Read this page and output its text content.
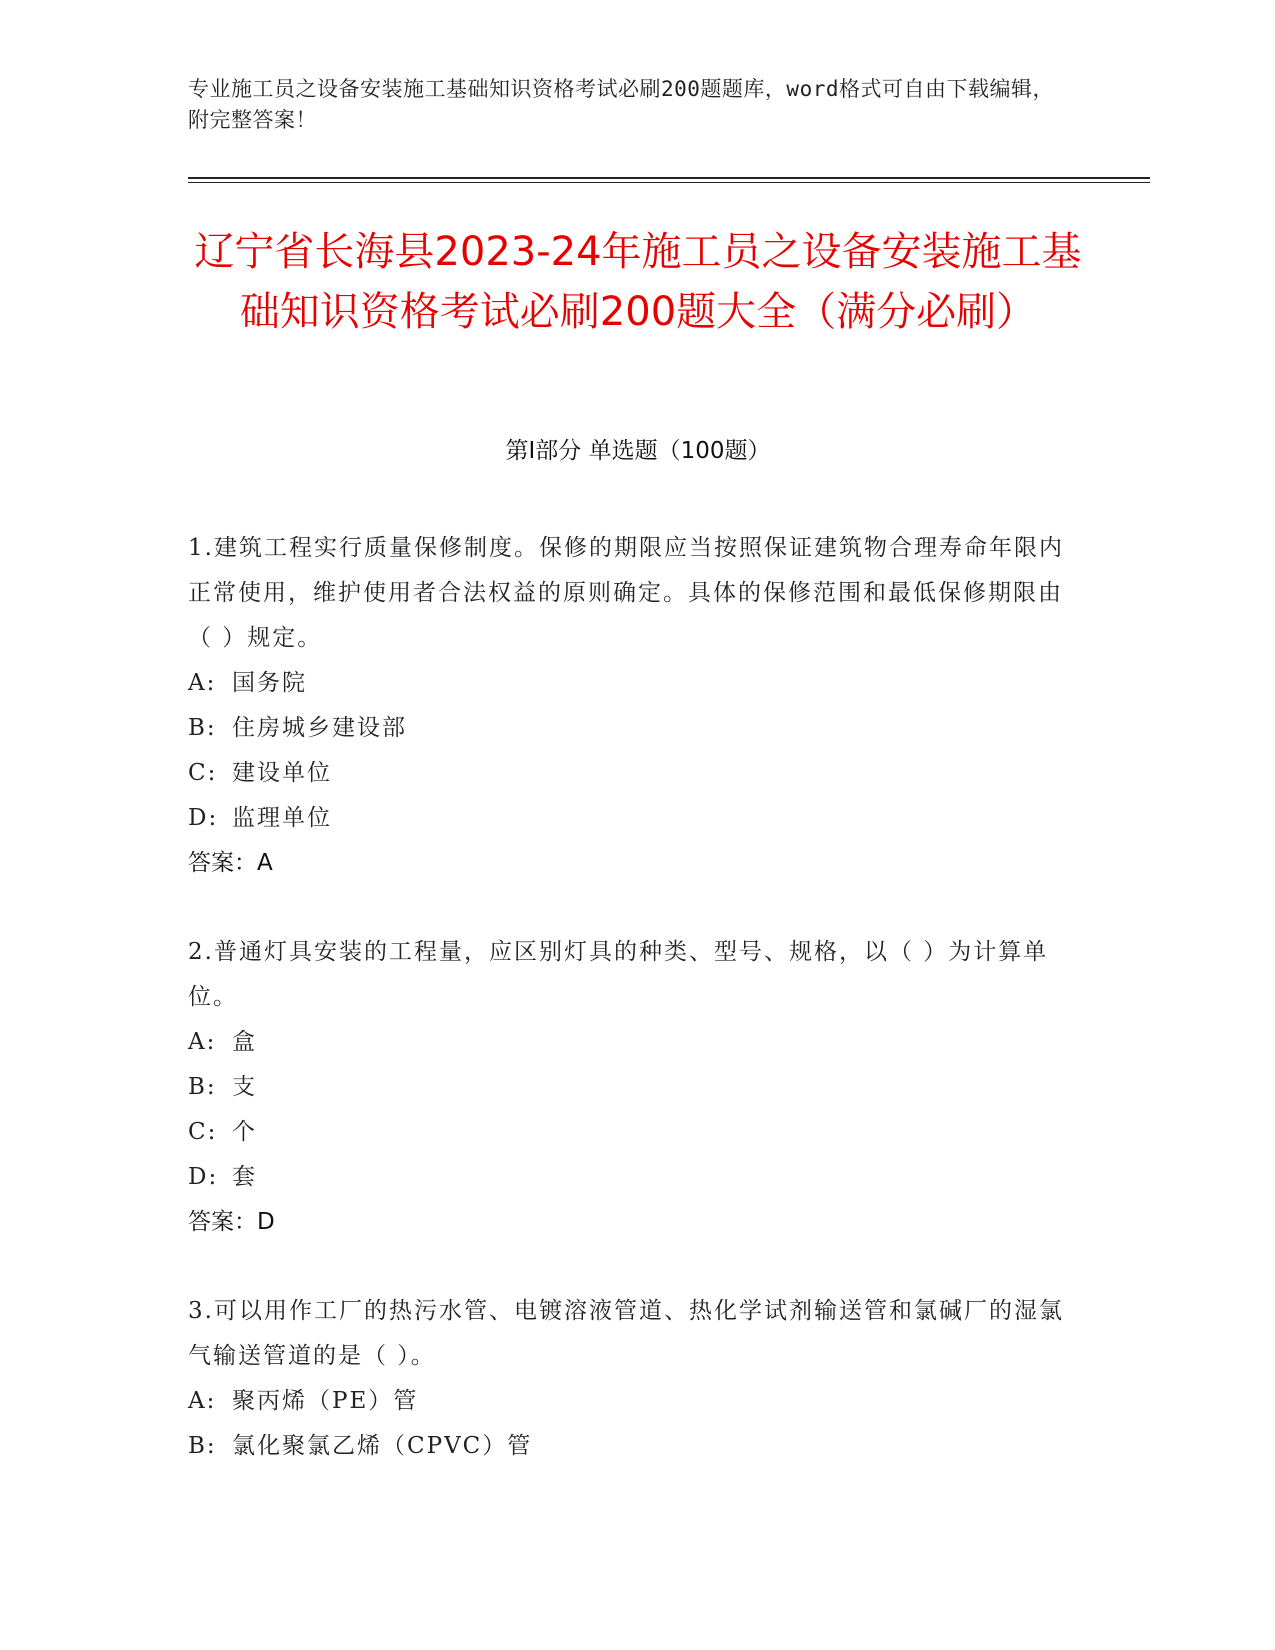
专业施工员之设备安装施工基础知识资格考试必刷200题题库，word格式可自由下载编辑，附完整答案！
辽宁省长海县2023-24年施工员之设备安装施工基础知识资格考试必刷200题大全（满分必刷）
第Ⅰ部分 单选题（100题）

1.建筑工程实行质量保修制度。保修的期限应当按照保证建筑物合理寿命年限内正常使用，维护使用者合法权益的原则确定。具体的保修范围和最低保修期限由（ ）规定。

A: 国务院
B: 住房城乡建设部
C: 建设单位
D: 监理单位
答案：A

2.普通灯具安装的工程量，应区别灯具的种类、型号、规格，以（ ）为计算单位。

A: 盒
B: 支
C: 个
D: 套
答案：D

3.可以用作工厂的热污水管、电镀溶液管道、热化学试剂输送管和氯碱厂的湿氯气输送管道的是（ ）。

A: 聚丙烯（PE）管
B: 氯化聚氯乙烯（CPVC）管
